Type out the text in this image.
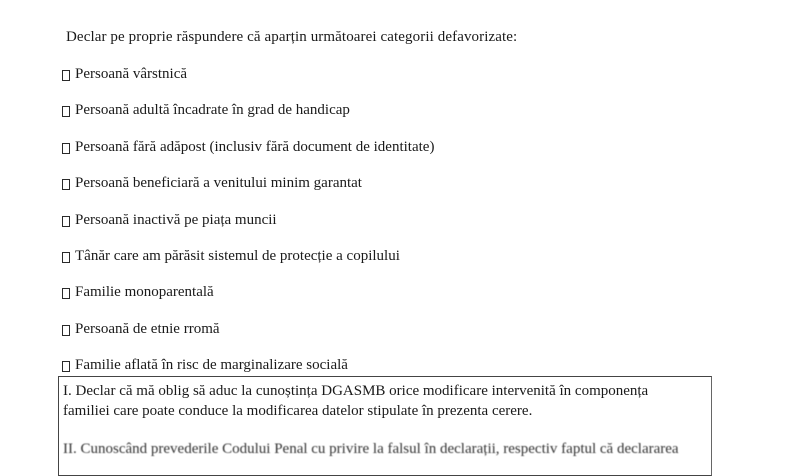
Declar pe proprie răspundere că aparțin următoarei categorii defavorizate:
Persoană vârstnică
Persoană adultă încadrate în grad de handicap
Persoană fără adăpost (inclusiv fără document de identitate)
Persoană beneficiară a venitului minim garantat
Persoană inactivă pe piața muncii
Tânăr care am părăsit sistemul de protecție a copilului
Familie monoparentală
Persoană de etnie rromă
Familie aflată în risc de marginalizare socială
I. Declar că mă oblig să aduc la cunoștința DGASMB orice modificare intervenită în componența
familiei care poate conduce la modificarea datelor stipulate în prezenta cerere.
II. Cunoscând prevederile Codului Penal cu privire la falsul în declarații, respectiv faptul că declararea
